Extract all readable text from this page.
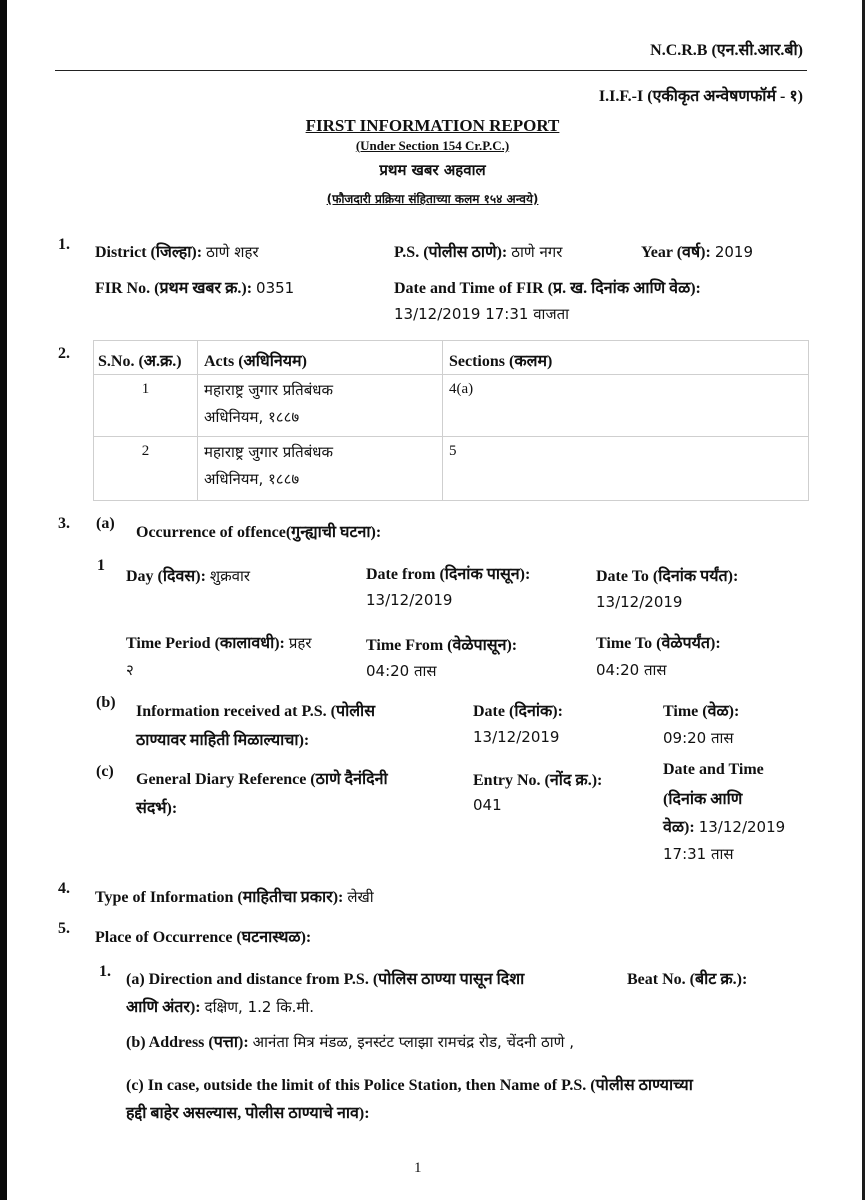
N.C.R.B (एन.सी.आर.बी)
I.I.F.-I (एकीकृत अन्वेषणफॉर्म - १)
FIRST INFORMATION REPORT
(Under Section 154 Cr.P.C.)
प्रथम खबर अहवाल
(फौजदारी प्रक्रिया संहिताच्या कलम १५४ अन्वये)
1. District (जिल्हा): ठाणे शहर	P.S. (पोलीस ठाणे): ठाणे नगर	Year (वर्ष): 2019
FIR No. (प्रथम खबर क्र.): 0351	Date and Time of FIR (प्र. ख. दिनांक आणि वेळ):
13/12/2019 17:31 वाजता
2. S.No. (अ.क्र.)	Acts (अधिनियम)	Sections (कलम)
1	महाराष्ट्र जुगार प्रतिबंधक
अधिनियम, १८८७	4(a)
2	महाराष्ट्र जुगार प्रतिबंधक
अधिनियम, १८८७	5
3. (a)
Occurrence of offence(गुन्ह्याची घटना):
1
Day (दिवस): शुक्रवार	Date from (दिनांक पासून):
13/12/2019
Date To (दिनांक पर्यंत):
13/12/2019
Time Period (कालावधी): प्रहर
२
Time From (वेळेपासून):
04:20 तास
Time To (वेळेपर्यंत):
04:20 तास
(b)
Information received at P.S. (पोलीस
ठाण्यावर माहिती मिळाल्याचा):
Date (दिनांक):
13/12/2019
Time (वेळ):
09:20 तास
(c) General Diary Reference (ठाणे दैनंदिनी
संदर्भ):
Entry No. (नोंद क्र.):
041
Date and Time
(दिनांक आणि
वेळ): 13/12/2019
17:31 तास
4.
Type of Information (माहितीचा प्रकार): लेखी
5.
Place of Occurrence (घटनास्थळ):
1. (a) Direction and distance from P.S. (पोलिस ठाण्या पासून दिशा	Beat No. (बीट क्र.):
आणि अंतर): दक्षिण, 1.2 कि.मी.
(b) Address (पत्ता): आनंता मित्र मंडळ, इनस्टंट प्लाझा रामचंद्र रोड, चेंदनी ठाणे ,
(c) In case, outside the limit of this Police Station, then Name of P.S. (पोलीस ठाण्याच्या
हद्दी बाहेर असल्यास, पोलीस ठाण्याचे नाव):
1
